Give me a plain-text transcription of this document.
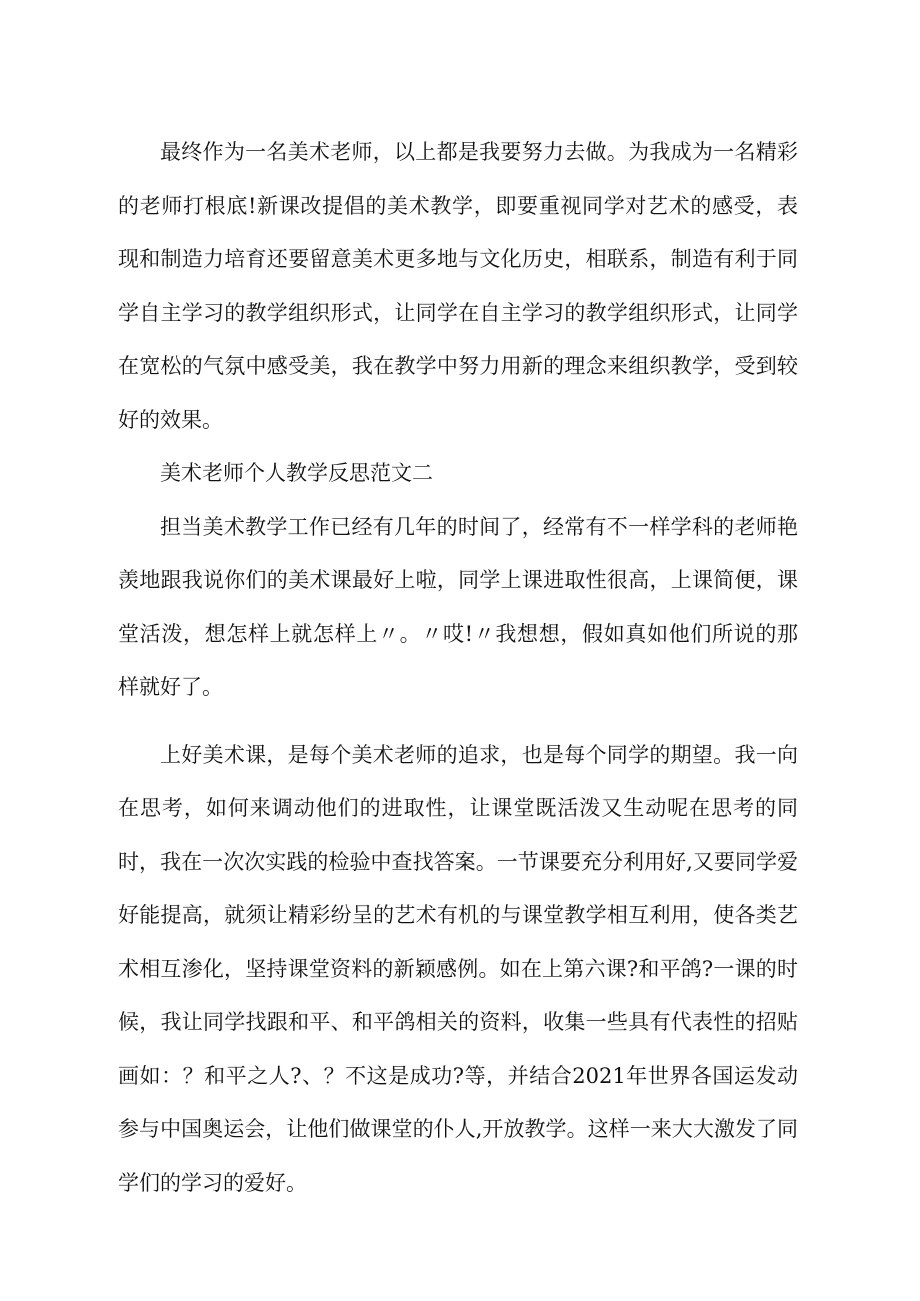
最终作为一名美术老师，以上都是我要努力去做。为我成为一名精彩的老师打根底!新课改提倡的美术教学，即要重视同学对艺术的感受，表现和制造力培育还要留意美术更多地与文化历史，相联系，制造有利于同学自主学习的教学组织形式，让同学在自主学习的教学组织形式，让同学在宽松的气氛中感受美，我在教学中努力用新的理念来组织教学，受到较好的效果。

美术老师个人教学反思范文二

担当美术教学工作已经有几年的时间了，经常有不一样学科的老师艳羡地跟我说你们的美术课最好上啦，同学上课进取性很高，上课简便，课堂活泼，想怎样上就怎样上〃。〃哎!〃我想想，假如真如他们所说的那样就好了。

上好美术课，是每个美术老师的追求，也是每个同学的期望。我一向在思考，如何来调动他们的进取性，让课堂既活泼又生动呢在思考的同时，我在一次次实践的检验中查找答案。一节课要充分利用好,又要同学爱好能提高，就须让精彩纷呈的艺术有机的与课堂教学相互利用，使各类艺术相互渗化，坚持课堂资料的新颖感例。如在上第六课?和平鸽?一课的时候，我让同学找跟和平、和平鸽相关的资料，收集一些具有代表性的招贴画如：？和平之人?、？不这是成功?等，并结合2021年世界各国运发动参与中国奥运会，让他们做课堂的仆人,开放教学。这样一来大大激发了同学们的学习的爱好。
